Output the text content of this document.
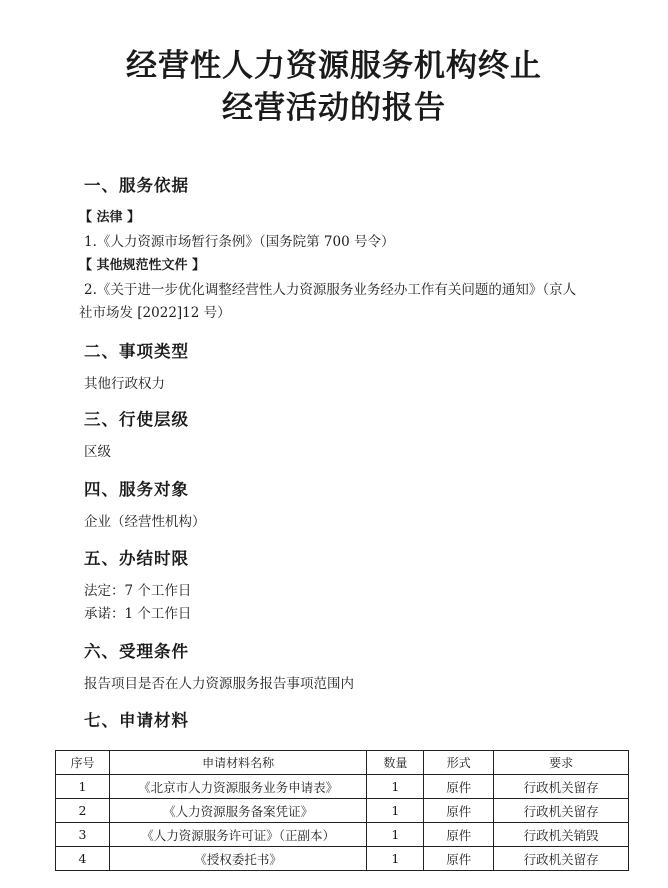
经营性人力资源服务机构终止
经营活动的报告
一、服务依据
【 法律 】
1.《人力资源市场暂行条例》（国务院第 700 号令）
【 其他规范性文件 】
2.《关于进一步优化调整经营性人力资源服务业务经办工作有关问题的通知》（京人
社市场发 [2022]12 号）
二、事项类型
其他行政权力
三、行使层级
区级
四、服务对象
企业（经营性机构）
五、办结时限
法定：7 个工作日
承诺：1 个工作日
六、受理条件
报告项目是否在人力资源服务报告事项范围内
七、申请材料
序号	申请材料名称	数量	形式	要求
1	《北京市人力资源服务业务申请表》	1	原件	行政机关留存
2	《人力资源服务备案凭证》	1	原件	行政机关留存
3	《人力资源服务许可证》（正副本）	1	原件	行政机关销毁
4	《授权委托书》	1	原件	行政机关留存
